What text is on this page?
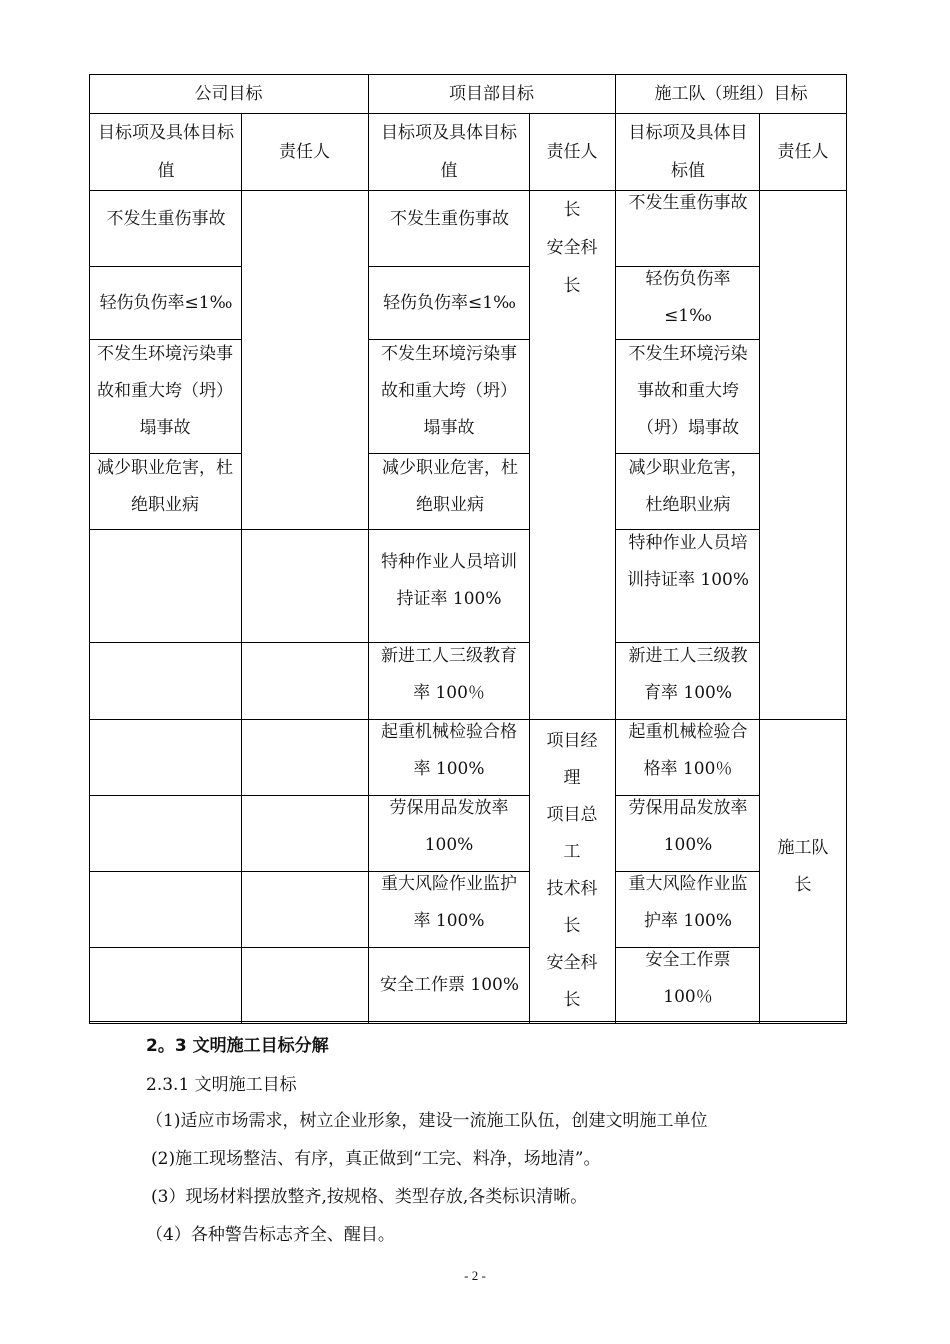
公司目标	项目部目标	施工队（班组）目标
目标项及具体目标值
责任人
目标项及具体目标值
责任人
目标项及具体目标值
责任人
不发生重伤事故
轻伤负伤率≤1‰
不发生环境污染事故和重大垮（坍）塌事故
减少职业危害，杜绝职业病
不发生重伤事故
轻伤负伤率≤1‰
不发生环境污染事故和重大垮（坍）塌事故
减少职业危害，杜绝职业病
特种作业人员培训持证率 100%
新进工人三级教育率 100％
起重机械检验合格率 100%
劳保用品发放率 100%
重大风险作业监护率 100%
安全工作票 100%
长
安全科
长
项目经
理
项目总
工
技术科
长
安全科
长
不发生重伤事故
轻伤负伤率≤1‰
不发生环境污染事故和重大垮（坍）塌事故
减少职业危害，杜绝职业病
特种作业人员培训持证率 100%
新进工人三级教育率 100%
起重机械检验合格率 100％
劳保用品发放率 100%
重大风险作业监护率 100%
安全工作票 100％
施工队长
2。3 文明施工目标分解
2.3.1 文明施工目标
（1)适应市场需求，树立企业形象，建设一流施工队伍，创建文明施工单位
(2)施工现场整洁、有序，真正做到“工完、料净，场地清”。
(3）现场材料摆放整齐,按规格、类型存放,各类标识清晰。
（4）各种警告标志齐全、醒目。
- 2 -
